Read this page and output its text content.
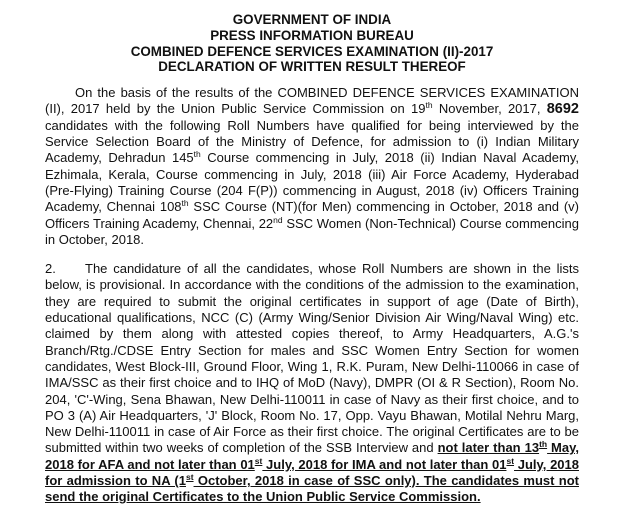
GOVERNMENT OF INDIA

PRESS INFORMATION BUREAU

COMBINED DEFENCE SERVICES EXAMINATION (II)-2017

DECLARATION OF WRITTEN RESULT THEREOF

On the basis of the results of the COMBINED DEFENCE SERVICES EXAMINATION (II), 2017 held by the Union Public Service Commission on 19th November, 2017, 8692 candidates with the following Roll Numbers have qualified for being interviewed by the Service Selection Board of the Ministry of Defence, for admission to (i) Indian Military Academy, Dehradun 145th Course commencing in July, 2018 (ii) Indian Naval Academy, Ezhimala, Kerala, Course commencing in July, 2018 (iii) Air Force Academy, Hyderabad (Pre-Flying) Training Course (204 F(P)) commencing in August, 2018 (iv) Officers Training Academy, Chennai 108th SSC Course (NT)(for Men) commencing in October, 2018 and (v) Officers Training Academy, Chennai, 22nd SSC Women (Non-Technical) Course commencing in October, 2018.

2. The candidature of all the candidates, whose Roll Numbers are shown in the lists below, is provisional. In accordance with the conditions of the admission to the examination, they are required to submit the original certificates in support of age (Date of Birth), educational qualifications, NCC (C) (Army Wing/Senior Division Air Wing/Naval Wing) etc. claimed by them along with attested copies thereof, to Army Headquarters, A.G.'s Branch/Rtg./CDSE Entry Section for males and SSC Women Entry Section for women candidates, West Block-III, Ground Floor, Wing 1, R.K. Puram, New Delhi-110066 in case of IMA/SSC as their first choice and to IHQ of MoD (Navy), DMPR (OI & R Section), Room No. 204, 'C'-Wing, Sena Bhawan, New Delhi-110011 in case of Navy as their first choice, and to PO 3 (A) Air Headquarters, 'J' Block, Room No. 17, Opp. Vayu Bhawan, Motilal Nehru Marg, New Delhi-110011 in case of Air Force as their first choice. The original Certificates are to be submitted within two weeks of completion of the SSB Interview and not later than 13th May, 2018 for AFA and not later than 01st July, 2018 for IMA and not later than 01st July, 2018 for admission to NA (1st October, 2018 in case of SSC only). The candidates must not send the original Certificates to the Union Public Service Commission.
